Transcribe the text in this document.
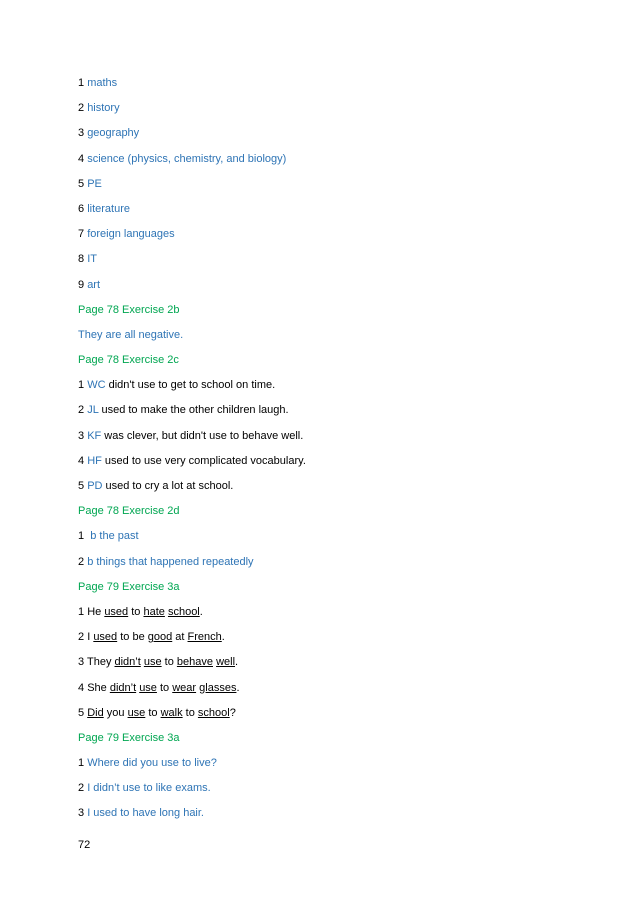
1 maths
2 history
3 geography
4 science (physics, chemistry, and biology)
5 PE
6 literature
7 foreign languages
8 IT
9 art
Page 78 Exercise 2b
They are all negative.
Page 78 Exercise 2c
1 WC didn't use to get to school on time.
2 JL used to make the other children laugh.
3 KF was clever, but didn't use to behave well.
4 HF used to use very complicated vocabulary.
5 PD used to cry a lot at school.
Page 78 Exercise 2d
1 b the past
2 b things that happened repeatedly
Page 79 Exercise 3a
1 He used to hate school.
2 I used to be good at French.
3 They didn’t use to behave well.
4 She didn’t use to wear glasses.
5 Did you use to walk to school?
Page 79 Exercise 3a
1 Where did you use to live?
2 I didn’t use to like exams.
3 I used to have long hair.
72
